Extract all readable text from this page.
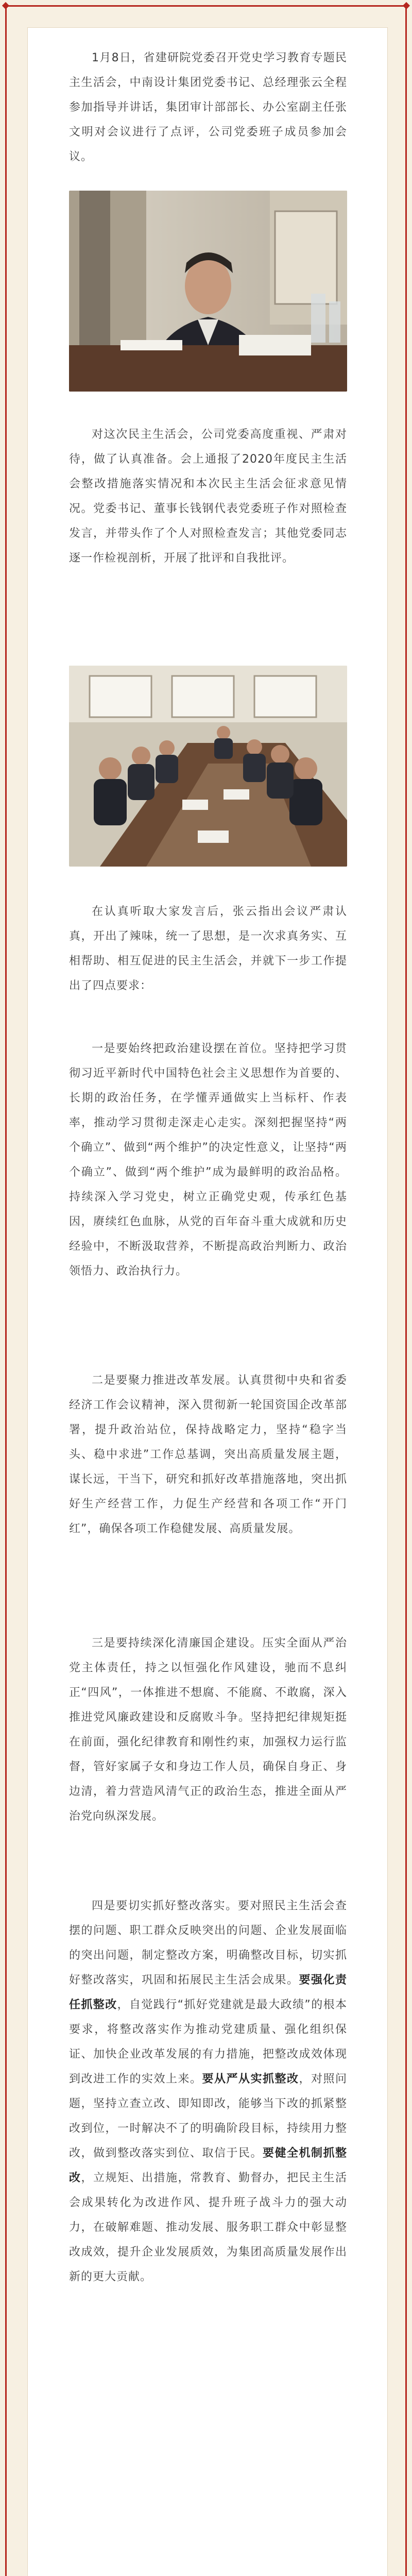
1月8日，省建研院党委召开党史学习教育专题民主生活会，中南设计集团党委书记、总经理张云全程参加指导并讲话，集团审计部部长、办公室副主任张文明对会议进行了点评，公司党委班子成员参加会议。

对这次民主生活会，公司党委高度重视、严肃对待，做了认真准备。会上通报了2020年度民主生活会整改措施落实情况和本次民主生活会征求意见情况。党委书记、董事长钱钢代表党委班子作对照检查发言，并带头作了个人对照检查发言；其他党委同志逐一作检视剖析，开展了批评和自我批评。

在认真听取大家发言后，张云指出会议严肃认真，开出了辣味，统一了思想，是一次求真务实、互相帮助、相互促进的民主生活会，并就下一步工作提出了四点要求：

一是要始终把政治建设摆在首位。坚持把学习贯彻习近平新时代中国特色社会主义思想作为首要的、长期的政治任务，在学懂弄通做实上当标杆、作表率，推动学习贯彻走深走心走实。深刻把握坚持“两个确立”、做到“两个维护”的决定性意义，让坚持“两个确立”、做到“两个维护”成为最鲜明的政治品格。持续深入学习党史，树立正确党史观，传承红色基因，赓续红色血脉，从党的百年奋斗重大成就和历史经验中，不断汲取营养，不断提高政治判断力、政治领悟力、政治执行力。

二是要聚力推进改革发展。认真贯彻中央和省委经济工作会议精神，深入贯彻新一轮国资国企改革部署，提升政治站位，保持战略定力，坚持“稳字当头、稳中求进”工作总基调，突出高质量发展主题，谋长远，干当下，研究和抓好改革措施落地，突出抓好生产经营工作，力促生产经营和各项工作“开门红”，确保各项工作稳健发展、高质量发展。

三是要持续深化清廉国企建设。压实全面从严治党主体责任，持之以恒强化作风建设，驰而不息纠正“四风”，一体推进不想腐、不能腐、不敢腐，深入推进党风廉政建设和反腐败斗争。坚持把纪律规矩挺在前面，强化纪律教育和刚性约束，加强权力运行监督，管好家属子女和身边工作人员，确保自身正、身边清，着力营造风清气正的政治生态，推进全面从严治党向纵深发展。

四是要切实抓好整改落实。要对照民主生活会查摆的问题、职工群众反映突出的问题、企业发展面临的突出问题，制定整改方案，明确整改目标，切实抓好整改落实，巩固和拓展民主生活会成果。要强化责任抓整改，自觉践行“抓好党建就是最大政绩”的根本要求，将整改落实作为推动党建质量、强化组织保证、加快企业改革发展的有力措施，把整改成效体现到改进工作的实效上来。要从严从实抓整改，对照问题，坚持立查立改、即知即改，能够当下改的抓紧整改到位，一时解决不了的明确阶段目标，持续用力整改，做到整改落实到位、取信于民。要健全机制抓整改，立规矩、出措施，常教育、勤督办，把民主生活会成果转化为改进作风、提升班子战斗力的强大动力，在破解难题、推动发展、服务职工群众中彰显整改成效，提升企业发展质效，为集团高质量发展作出新的更大贡献。
